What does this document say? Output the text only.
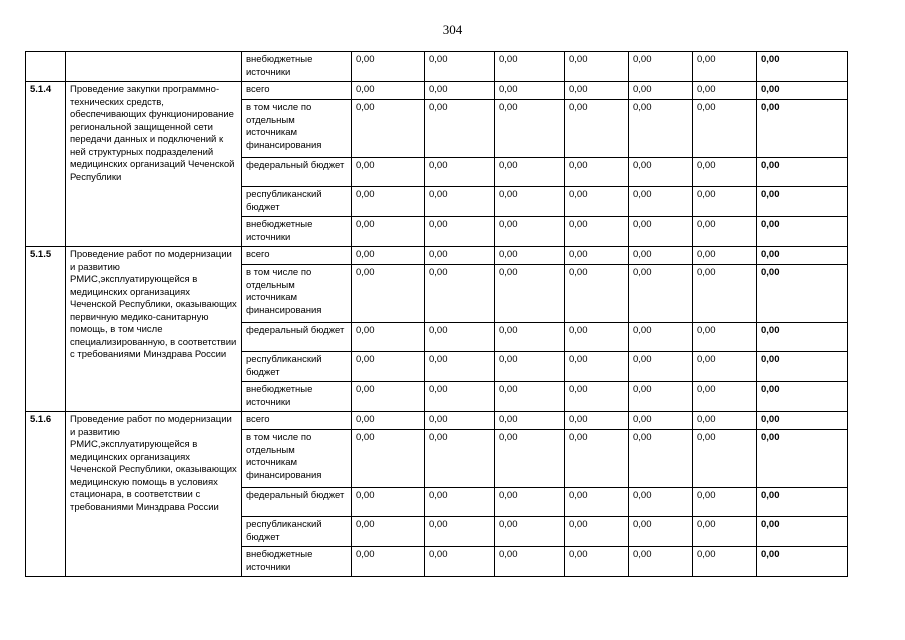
304
		внебюджетные источники	0,00	0,00	0,00	0,00	0,00	0,00	0,00
5.1.4	Проведение закупки программно-технических средств, обеспечивающих функционирование региональной защищенной сети передачи данных и подключений к ней структурных подразделений медицинских организаций Чеченской Республики	всего	0,00	0,00	0,00	0,00	0,00	0,00	0,00
		в том числе по отдельным источникам финансирования	0,00	0,00	0,00	0,00	0,00	0,00	0,00
		федеральный бюджет	0,00	0,00	0,00	0,00	0,00	0,00	0,00
		республиканский бюджет	0,00	0,00	0,00	0,00	0,00	0,00	0,00
		внебюджетные источники	0,00	0,00	0,00	0,00	0,00	0,00	0,00
5.1.5	Проведение работ по модернизации и развитию РМИС,эксплуатирующейся в медицинских организациях Чеченской Республики, оказывающих первичную медико-санитарную помощь, в том числе специализированную, в соответствии с требованиями Минздрава России	всего	0,00	0,00	0,00	0,00	0,00	0,00	0,00
		в том числе по отдельным источникам финансирования	0,00	0,00	0,00	0,00	0,00	0,00	0,00
		федеральный бюджет	0,00	0,00	0,00	0,00	0,00	0,00	0,00
		республиканский бюджет	0,00	0,00	0,00	0,00	0,00	0,00	0,00
		внебюджетные источники	0,00	0,00	0,00	0,00	0,00	0,00	0,00
5.1.6	Проведение работ по модернизации и развитию РМИС,эксплуатирующейся в медицинских организациях Чеченской Республики, оказывающих медицинскую помощь в условиях стационара, в соответствии с требованиями Минздрава России	всего	0,00	0,00	0,00	0,00	0,00	0,00	0,00
		в том числе по отдельным источникам финансирования	0,00	0,00	0,00	0,00	0,00	0,00	0,00
		федеральный бюджет	0,00	0,00	0,00	0,00	0,00	0,00	0,00
		республиканский бюджет	0,00	0,00	0,00	0,00	0,00	0,00	0,00
		внебюджетные источники	0,00	0,00	0,00	0,00	0,00	0,00	0,00
